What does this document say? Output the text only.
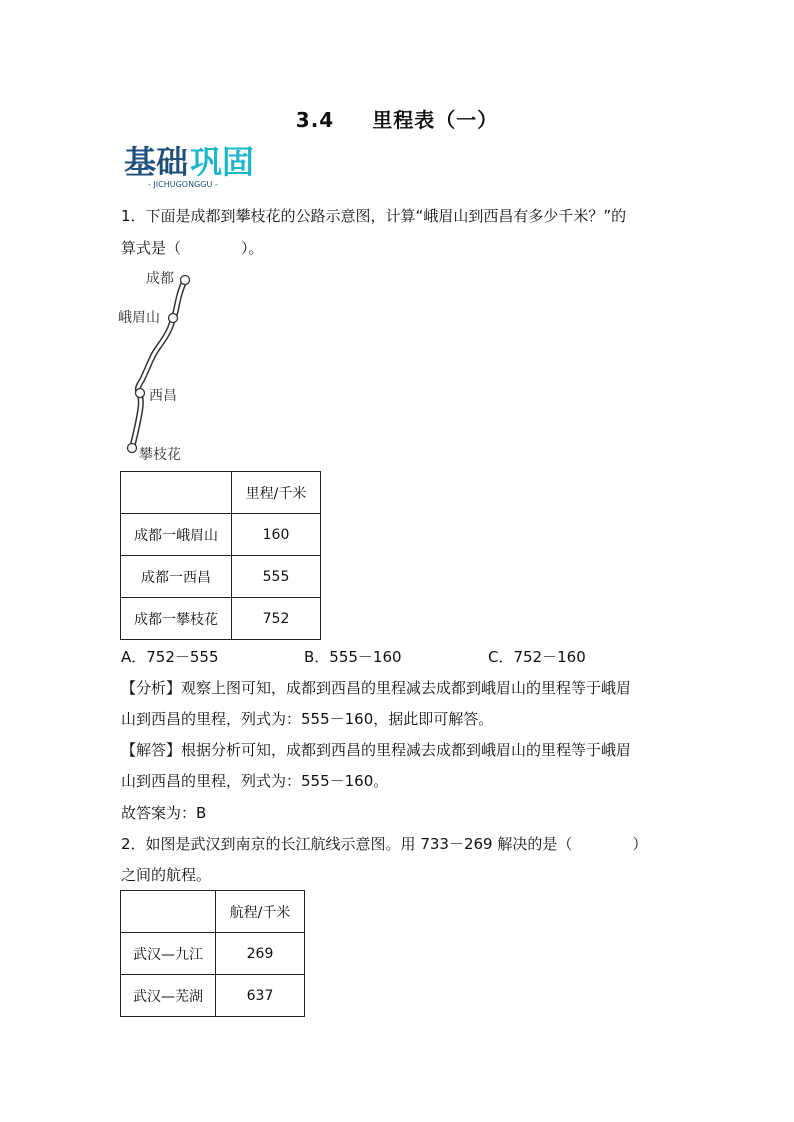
3.4 里程表（一）
基础 巩固
- JICHUGONGGU -
1．下面是成都到攀枝花的公路示意图，计算“峨眉山到西昌有多少千米？”的
算式是（　　　　）。
成都
峨眉山
西昌
攀枝花
	里程/千米
成都一峨眉山	160
成都一西昌	555
成都一攀枝花	752
A．752－555	B．555－160	C．752－160
【分析】观察上图可知，成都到西昌的里程减去成都到峨眉山的里程等于峨眉
山到西昌的里程，列式为：555－160，据此即可解答。
【解答】根据分析可知，成都到西昌的里程减去成都到峨眉山的里程等于峨眉
山到西昌的里程，列式为：555－160。
故答案为：B
2．如图是武汉到南京的长江航线示意图。用 733－269 解决的是（　　　　）
之间的航程。
	航程/千米
武汉—九江	269
武汉—芜湖	637
